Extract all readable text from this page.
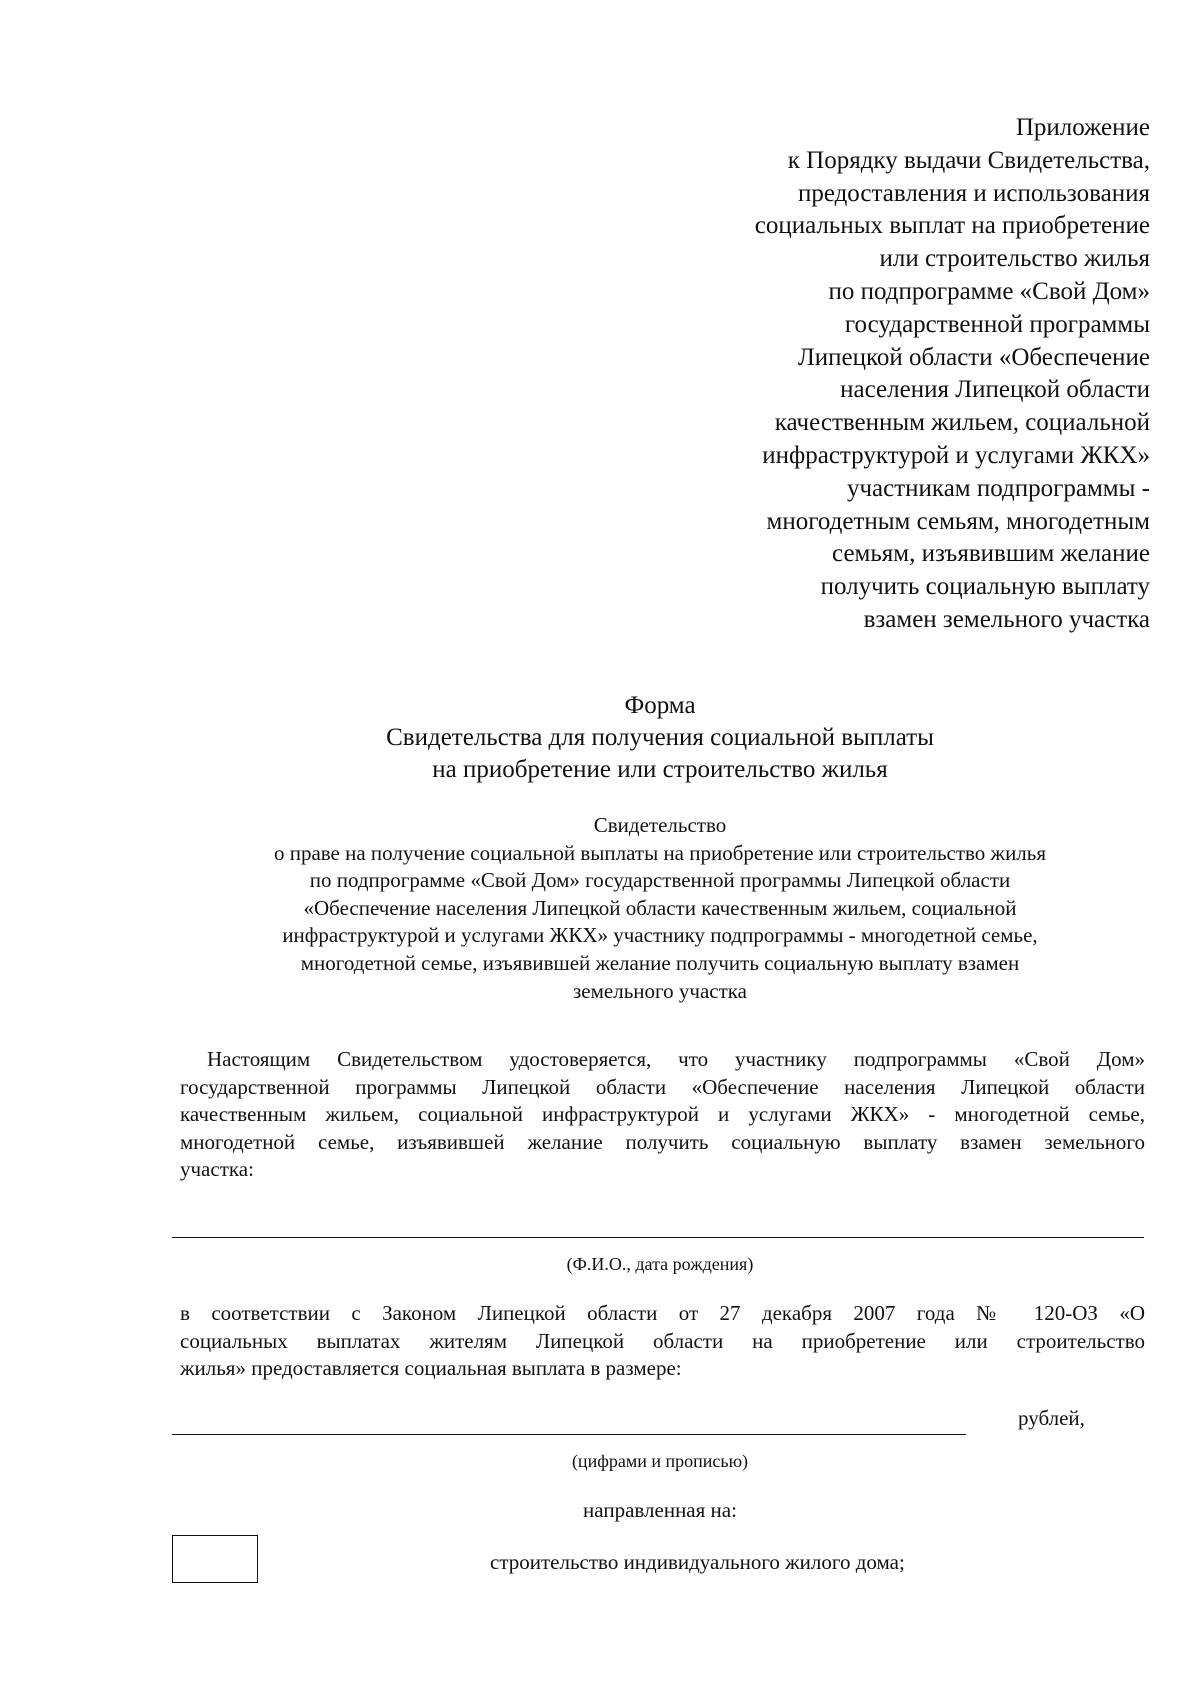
Приложение
к Порядку выдачи Свидетельства,
предоставления и использования
социальных выплат на приобретение
или строительство жилья
по подпрограмме «Свой Дом»
государственной программы
Липецкой области «Обеспечение
населения Липецкой области
качественным жильем, социальной
инфраструктурой и услугами ЖКХ»
участникам подпрограммы -
многодетным семьям, многодетным
семьям, изъявившим желание
получить социальную выплату
взамен земельного участка
Форма
Свидетельства для получения социальной выплаты
на приобретение или строительство жилья
Свидетельство
о праве на получение социальной выплаты на приобретение или строительство жилья
по подпрограмме «Свой Дом» государственной программы Липецкой области
«Обеспечение населения Липецкой области качественным жильем, социальной
инфраструктурой и услугами ЖКХ» участнику подпрограммы - многодетной семье,
многодетной семье, изъявившей желание получить социальную выплату взамен
земельного участка
Настоящим Свидетельством удостоверяется, что участнику подпрограммы «Свой Дом»
государственной программы Липецкой области «Обеспечение населения Липецкой области
качественным жильем, социальной инфраструктурой и услугами ЖКХ» - многодетной семье,
многодетной семье, изъявившей желание получить социальную выплату взамен земельного
участка:
(Ф.И.О., дата рождения)
в соответствии с Законом Липецкой области от 27 декабря 2007 года № 120-ОЗ «О
социальных выплатах жителям Липецкой области на приобретение или строительство
жилья» предоставляется социальная выплата в размере:
рублей,
(цифрами и прописью)
направленная на:
строительство индивидуального жилого дома;
